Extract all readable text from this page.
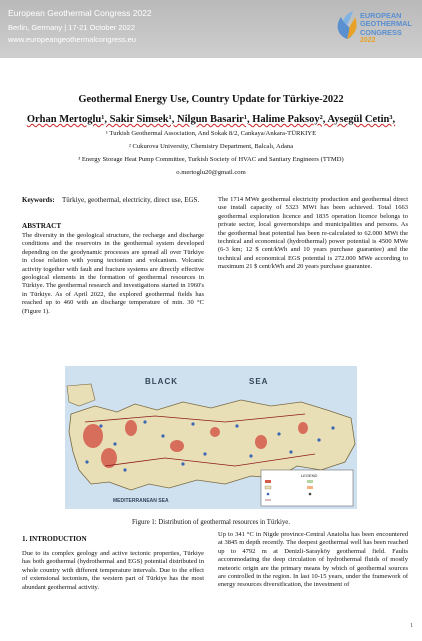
European Geothermal Congress 2022
Berlin, Germany | 17-21 October 2022
www.europeangeothermalcongress.eu
EUROPEAN
GEOTHERMAL
CONGRESS
2022
Geothermal Energy Use, Country Update for Türkiye-2022
Orhan Mertoglu¹, Sakir Simsek¹, Nilgun Basarir¹, Halime Paksoy², Aysegül Cetin³,
¹ Turkish Geothermal Association, And Sokak 8/2, Cankaya/Ankara-TÜRKIYE
² Cukurova University, Chemistry Department, Balcalı, Adana
³ Energy Storage Heat Pump Committee, Turkish Society of HVAC and Sanitary Engineers (TTMD)
o.mertoglu20@gmail.com
Keywords:	Türkiye, geothermal, electricity, direct use, EGS.
ABSTRACT
The diversity in the geological structure, the recharge and discharge conditions and the reservoirs in the geothermal system developed depending on the geodynamic processes are spread all over Türkiye in close relation with young tectonism and volcanism. Volcanic activity together with fault and fracture systems are directly effective geological elements in the formation of geothermal resources in Türkiye. The geothermal research and investigations started in 1960's in Türkiye. As of April 2022, the explored geothermal fields has reached up to 460 with an discharge temperature of min. 30 °C (Figure 1).
The 1714 MWe geothermal electricity production and geothermal direct use install capacity of 5323 MWt has been achieved. Total 1663 geothermal exploration licence and 1835 operation licence belongs to private sector, local governorships and municipalities and persons. As the geothermal heat potential has been re-calculated to 62.000 MWt the technical and economical (hydrothermal) power potential is 4500 MWe (6-3 km; 12 $ cent/kWh and 10 years purchase guarantee) and the technical and economical EGS potential is 272.000 MWe according to maximum 21 $ cent/kWh and 20 years purchase guarantee.
LEGEND
BLACK	SEA
MEDITERRANEAN SEA
Figure 1: Distribution of geothermal resources in Türkiye.
1. INTRODUCTION
Due to its complex geology and active tectonic properties, Türkiye has both geothermal (hydrothermal and EGS) potential distributed in whole country with different temperature intervals. Due to the effect of extensional tectonism, the western part of Türkiye has the most abundant geothermal activity.
Up to 341 °C in Nigde province-Central Anatolia has been encountered at 3845 m depth recently. The deepest geothermal well has been reached up to 4792 m at Denizli-Sarayköy geothermal field. Faults accommodating the deep circulation of hydrothermal fluids of mostly meteoric origin are the primary means by which of geothermal sources are controlled in the region. In last 10-15 years, under the framework of energy resources diversification, the investment of
1
